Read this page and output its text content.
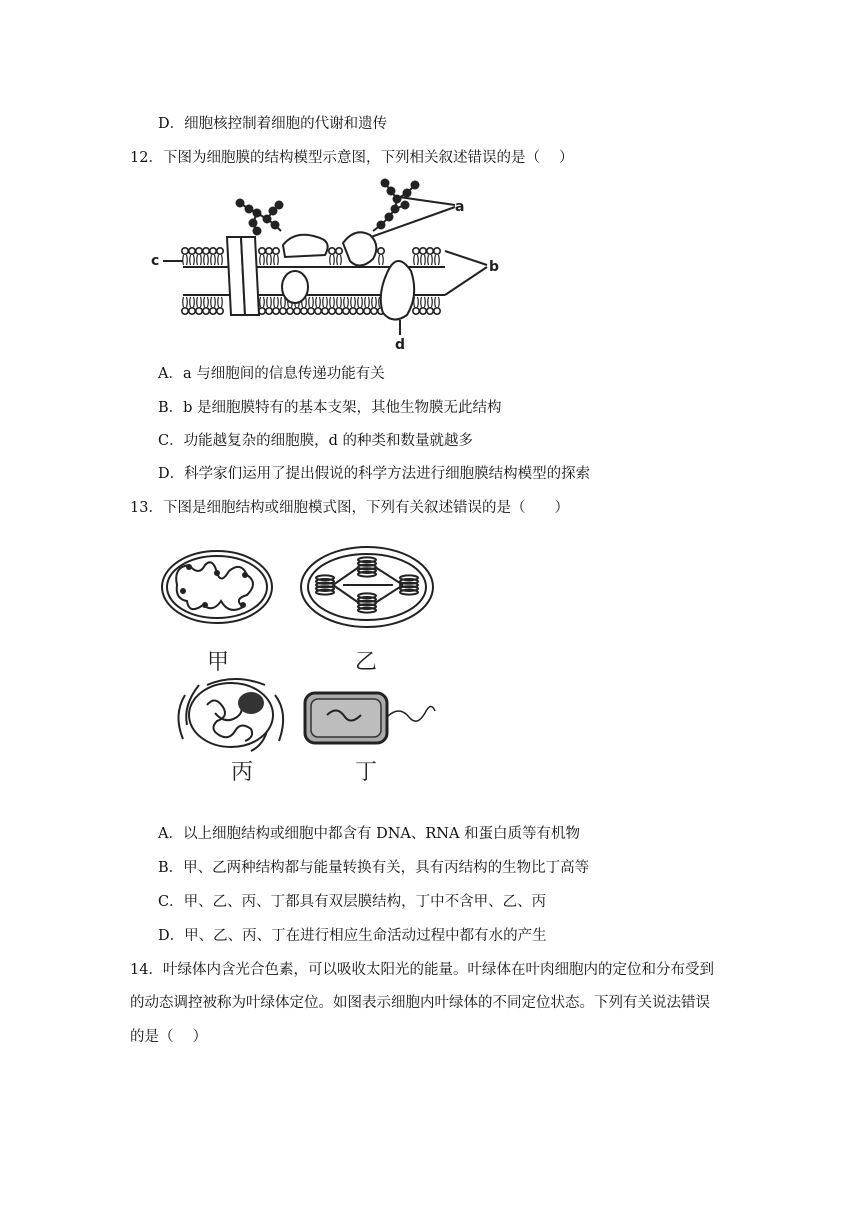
D．细胞核控制着细胞的代谢和遗传
12．下图为细胞膜的结构模型示意图，下列相关叙述错误的是（　 ）
a
b
c
d
A．a 与细胞间的信息传递功能有关
B．b 是细胞膜特有的基本支架，其他生物膜无此结构
C．功能越复杂的细胞膜，d 的种类和数量就越多
D．科学家们运用了提出假说的科学方法进行细胞膜结构模型的探索
13．下图是细胞结构或细胞模式图，下列有关叙述错误的是（　　）
甲	乙
丙	丁
A．以上细胞结构或细胞中都含有 DNA、RNA 和蛋白质等有机物
B．甲、乙两种结构都与能量转换有关，具有丙结构的生物比丁高等
C．甲、乙、丙、丁都具有双层膜结构，丁中不含甲、乙、丙
D．甲、乙、丙、丁在进行相应生命活动过程中都有水的产生
14．叶绿体内含光合色素，可以吸收太阳光的能量。叶绿体在叶肉细胞内的定位和分布受到
的动态调控被称为叶绿体定位。如图表示细胞内叶绿体的不同定位状态。下列有关说法错误
的是（　 ）
